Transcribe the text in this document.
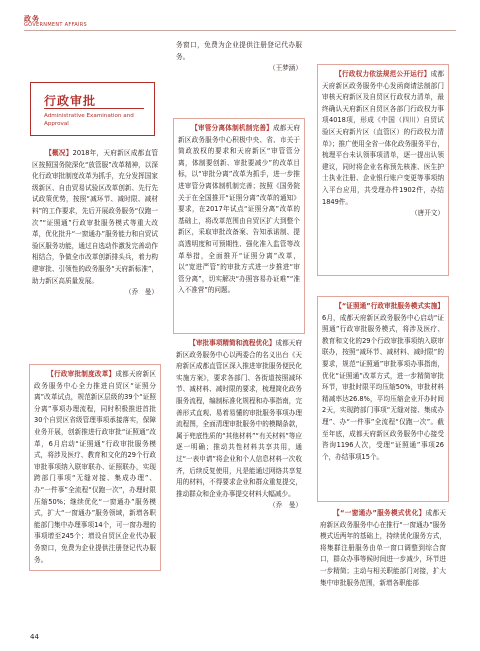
政务
GOVERNMENT AFFAIRS
行政审批
Administrative Examination and Approval

【概况】2018年，天府新区成都直管区按照国务院深化“放管服”改革精神，以深化行政审批制度改革为抓手，充分发挥国家级新区、自由贸易试验区改革创新、先行先试政策优势，按照“减环节、减时限、减材料”的工作要求，先后开展政务服务“仅跑一次”“证照通”行政审批服务模式等重大改革，优化批升“一窗通办”服务能力和自贸试验区服务功能，通过自选动作激发完善动作相结合，争做全市改革创新排头兵，着力构建审批、引领性的政务服务“天府新标准”，助力新区高质量发展。

（乔　曼）

【行政审批制度改革】成都天府新区政务服务中心全力推进自贸区“证照分离”改革试点，规范新区层级的39个“证照分离”事项办理流程，同时积极推进首批30个自贸区省级管理事项承接落实，保障业务开展，创新推进行政审批“证照通”改革，6月启动“证照通”行政审批服务模式，将涉及医疗、教育和文化的29个行政审批事项纳入联审联办、证照联办，实现跨部门事项“无缝对接、集成办理”、办“一件事”全流程“仅跑一次”，办理时限压缩50%；继续优化“一窗通办”服务模式，扩大“一窗通办”服务领域，新增各职能部门集中办理事项14个，可一窗办理的事项增至245个；增设自贸区企业代办服务窗口，免费为企业提供注册登记代办服务。

务窗口，免费为企业提供注册登记代办服务。
（王梦涵）

【审管分离体制机制完善】成都天府新区政务服务中心积极中央、省、市关于简政放权的要求和天府新区“审管管分离，体制要创新、审批要减少”的改革目标，以“审批分离”改革为抓手，进一步推进审管分离体制机制完善；按照《国务院关于在全国推开“证照分离”改革的通知》要求，在2017年试点“证照分离”改革的基础上，将改革范围由自贸区扩大到整个新区，采取审批改备案、告知承诺制、提高透明度和可预期性、强化准入监管等改革举措，全面推开“证照分离”改革，以“宽进严管”的审批方式进一步推进“审管分离”，切实解决“办照容易办证难”“准入不准营”的问题。

【审批事项精简和流程优化】成都天府新区政务服务中心以两委合的名义出台《天府新区成都直管区深入推进审批服务便民化实施方案》，要求各部门、各街道按照减环节、减材料、减时限的要求，梳理简化政务服务流程，编制标准化规程和办事指南，完善形式直观、易着易懂的审批服务事项办理流程图，全面清理审批服务中的模糊条款，属于兜底性质的“其他材料”“有关材料”等应逐一明确；推动共性材料共享共用，通过“一表申请”将企业和个人信息材料一次收齐，后续反复使用，凡是能通过网络共享复用的材料，不得要求企业和群众重复提交，推动群众和企业办事提交材料大幅减少。

（乔　曼）

【行政权力依法规范公开运行】成都天府新区政务服务中心发函商请法制部门审核天府新区及自贸区行政权力清单，最终确认天府新区自贸区各部门行政权力事项4018项，形成《中国（四川）自贸试验区天府新片区（直管区）的行政权力清单》；推广使用全省一体化政务服务平台，梳理平台未认领事项清单，逐一提出认领建议，同时将企业名称预先核准、医生护士执业注册、企业银行账户变更等事项纳入平台应用，共受理办件1902件，办结1849件。

（唐开文）

【“证照通”行政审批服务模式实施】6月，成都天府新区政务服务中心启动“证照通”行政审批服务模式，将涉及医疗、教育和文化的29个行政审批事项纳入联审联办，按照“减环节、减材料、减时限”的要求，规范“证照通”审批事项办事指南，优化“证照通”改革方式，进一步精简审批环节，审批时限平均压缩50%，审批材料精减率达26.8%，平均压缩企业开办时间2天，实现跨部门事项“无缝对接、集成办理”、办“一件事”全流程“仅跑一次”。截至年底，成都天府新区政务服务中心接受咨询1196人次，受理“证照通”事项26个，办结事项15个。

【“一窗通办”服务模式优化】成都天府新区政务服务中心在推行“一窗通办”服务模式近两年的基础上，持续优化服务方式，将集群注册服务由单一窗口调整到综合窗口，群众办事等候时间进一步减少，环节进一步精简；主动与相关职能部门对接，扩大集中审批服务范围，新增各职能部

44
